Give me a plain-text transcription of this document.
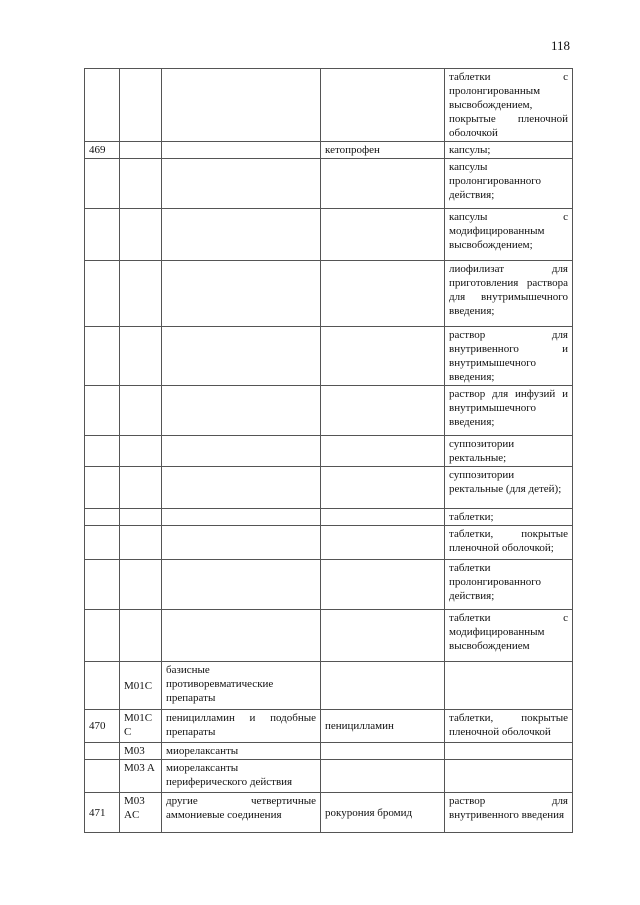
118
				таблетки с пролонгированным высвобождением, покрытые пленочной оболочкой
469			кетопрофен	капсулы;
				капсулы пролонгированного действия;
				капсулы с модифицированным высвобождением;
				лиофилизат для приготовления раствора для внутримышечного введения;
				раствор для внутривенного и внутримышечного введения;
				раствор для инфузий и внутримышечного введения;
				суппозитории ректальные;
				суппозитории ректальные (для детей);
				таблетки;
				таблетки, покрытые пленочной оболочкой;
				таблетки пролонгированного действия;
				таблетки с модифицированным высвобождением
	M01C	базисные противоревматические препараты		
470	M01C C	пеницилламин и подобные препараты	пеницилламин	таблетки, покрытые пленочной оболочкой
	M03	миорелаксанты		
	M03 A	миорелаксанты периферического действия		
471	M03 AC	другие четвертичные аммониевые соединения	рокурония бромид	раствор для внутривенного введения
